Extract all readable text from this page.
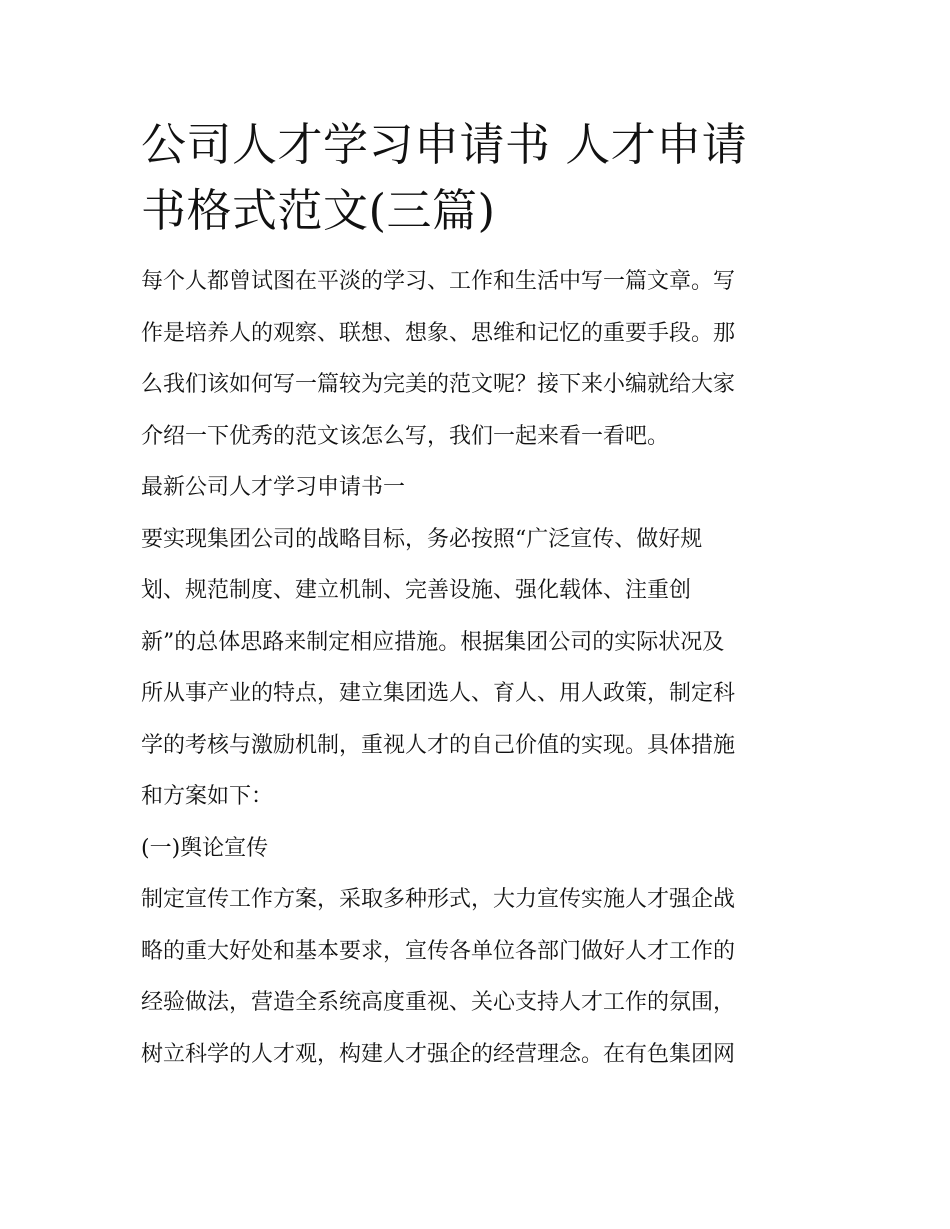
公司人才学习申请书 人才申请
书格式范文(三篇)
每个人都曾试图在平淡的学习、工作和生活中写一篇文章。写
作是培养人的观察、联想、想象、思维和记忆的重要手段。那
么我们该如何写一篇较为完美的范文呢？接下来小编就给大家
介绍一下优秀的范文该怎么写，我们一起来看一看吧。
最新公司人才学习申请书一
要实现集团公司的战略目标，务必按照“广泛宣传、做好规
划、规范制度、建立机制、完善设施、强化载体、注重创
新”的总体思路来制定相应措施。根据集团公司的实际状况及
所从事产业的特点，建立集团选人、育人、用人政策，制定科
学的考核与激励机制，重视人才的自己价值的实现。具体措施
和方案如下：
(一)舆论宣传
制定宣传工作方案，采取多种形式，大力宣传实施人才强企战
略的重大好处和基本要求，宣传各单位各部门做好人才工作的
经验做法，营造全系统高度重视、关心支持人才工作的氛围，
树立科学的人才观，构建人才强企的经营理念。在有色集团网
